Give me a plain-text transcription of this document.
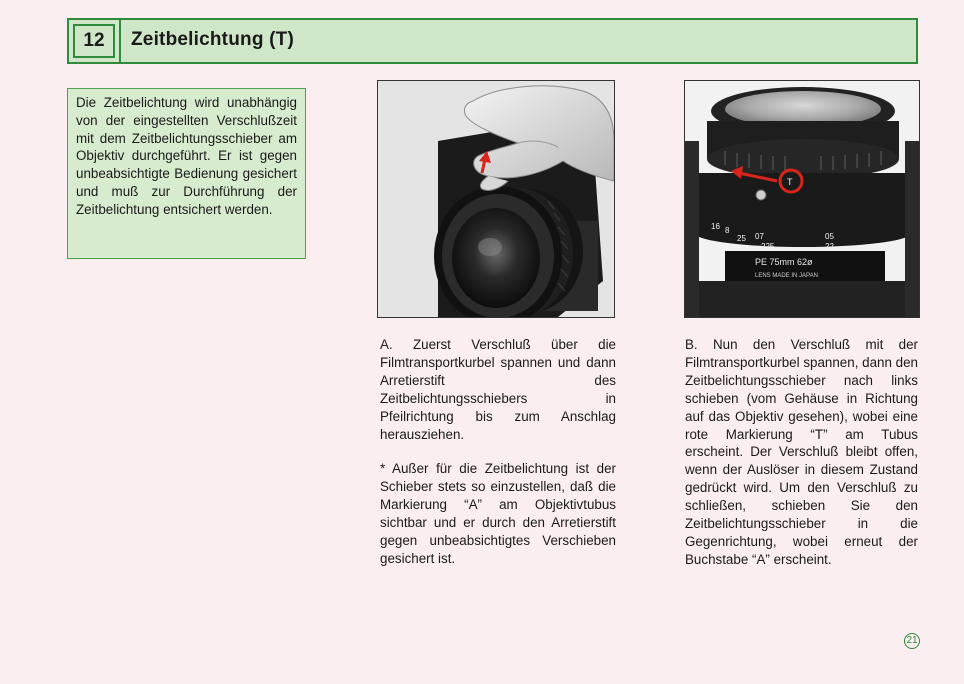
12	Zeitbelichtung (T)
Die Zeitbelichtung wird unabhängig von der eingestellten Verschlußzeit mit dem Zeitbelichtungsschieber am Objektiv durchgeführt. Er ist gegen unbeabsichtigte Bedienung gesichert und muß zur Durchführung der Zeitbelichtung entsichert werden.
16 8
25 07	05
225	22
PE 75mm 62ø
LENS MADE IN JAPAN
T
A. Zuerst Verschluß über die Filmtransportkurbel spannen und dann Arretierstift des Zeitbelichtungsschiebers in Pfeilrichtung bis zum Anschlag herausziehen.
* Außer für die Zeitbelichtung ist der Schieber stets so einzustellen, daß die Markierung “A” am Objektivtubus sichtbar und er durch den Arretierstift gegen unbeabsichtigtes Verschieben gesichert ist.
B. Nun den Verschluß mit der Filmtransportkurbel spannen, dann den Zeitbelichtungsschieber nach links schieben (vom Gehäuse in Richtung auf das Objektiv gesehen), wobei eine rote Markierung “T” am Tubus erscheint. Der Verschluß bleibt offen, wenn der Auslöser in diesem Zustand gedrückt wird. Um den Verschluß zu schließen, schieben Sie den Zeitbelichtungsschieber in die Gegenrichtung, wobei erneut der Buchstabe “A” erscheint.
21
